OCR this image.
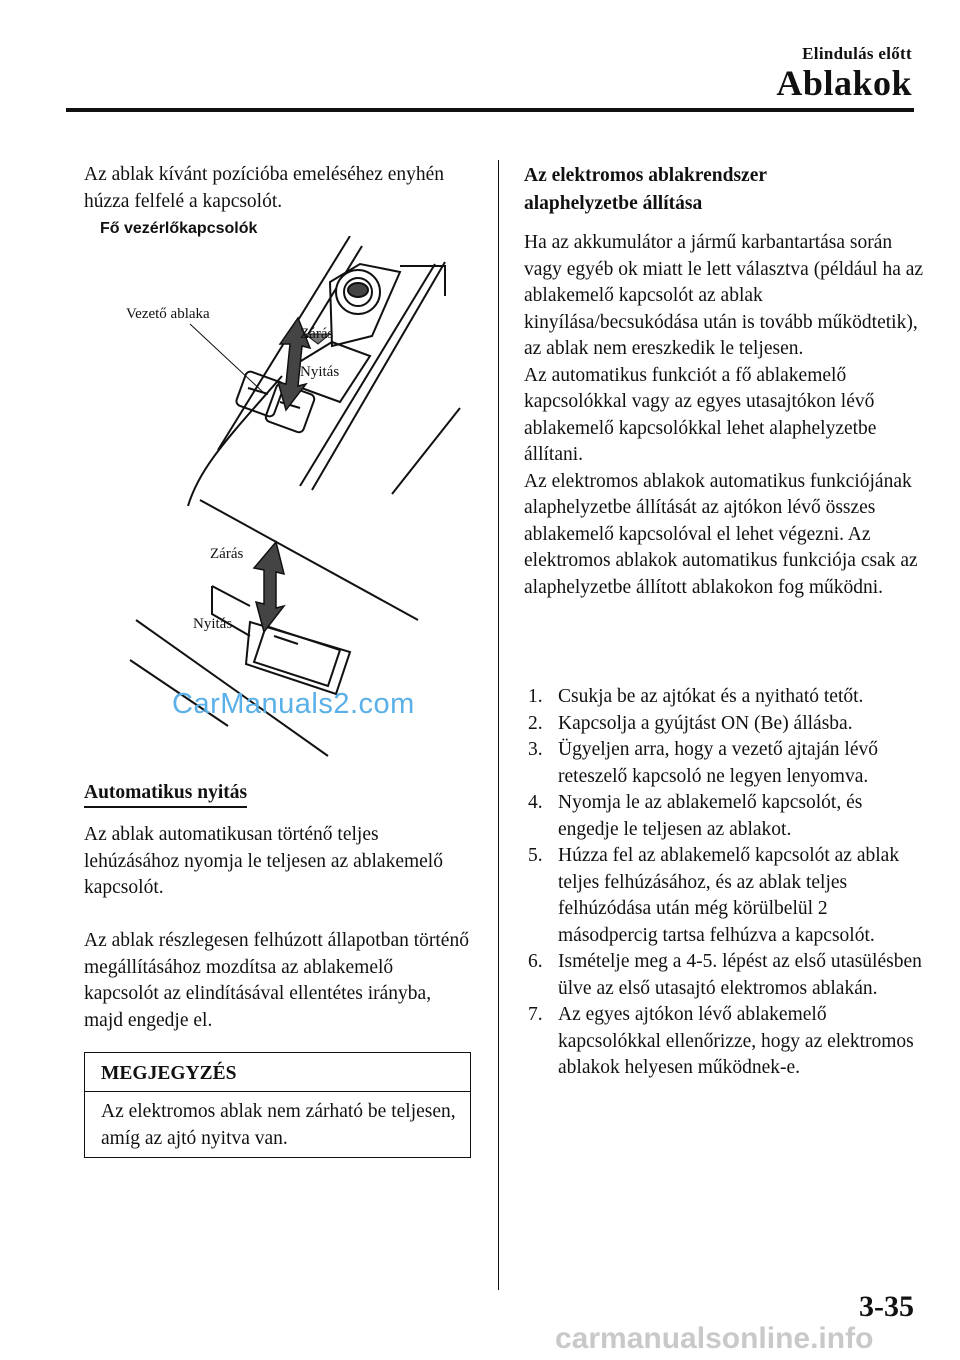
Elindulás előtt
Ablakok

Az ablak kívánt pozícióba emeléséhez enyhén húzza felfelé a kapcsolót.

Fő vezérlőkapcsolók
Vezető ablaka
Zárás
Nyitás
Zárás
Nyitás
CarManuals2.com
Automatikus nyitás

Az ablak automatikusan történő teljes lehúzásához nyomja le teljesen az ablakemelő kapcsolót.

Az ablak részlegesen felhúzott állapotban történő megállításához mozdítsa az ablakemelő kapcsolót az elindításával ellentétes irányba, majd engedje el.

MEGJEGYZÉS
Az elektromos ablak nem zárható be teljesen, amíg az ajtó nyitva van.

Az elektromos ablakrendszer alaphelyzetbe állítása

Ha az akkumulátor a jármű karbantartása során vagy egyéb ok miatt le lett választva (például ha az ablakemelő kapcsolót az ablak kinyílása/becsukódása után is tovább működtetik), az ablak nem ereszkedik le teljesen.
Az automatikus funkciót a fő ablakemelő kapcsolókkal vagy az egyes utasajtókon lévő ablakemelő kapcsolókkal lehet alaphelyzetbe állítani.
Az elektromos ablakok automatikus funkciójának alaphelyzetbe állítását az ajtókon lévő összes ablakemelő kapcsolóval el lehet végezni. Az elektromos ablakok automatikus funkciója csak az alaphelyzetbe állított ablakokon fog működni.

1. Csukja be az ajtókat és a nyitható tetőt.
2. Kapcsolja a gyújtást ON (Be) állásba.
3. Ügyeljen arra, hogy a vezető ajtaján lévő reteszelő kapcsoló ne legyen lenyomva.
4. Nyomja le az ablakemelő kapcsolót, és engedje le teljesen az ablakot.
5. Húzza fel az ablakemelő kapcsolót az ablak teljes felhúzásához, és az ablak teljes felhúzódása után még körülbelül 2 másodpercig tartsa felhúzva a kapcsolót.
6. Ismételje meg a 4-5. lépést az első utasülésben ülve az első utasajtó elektromos ablakán.
7. Az egyes ajtókon lévő ablakemelő kapcsolókkal ellenőrizze, hogy az elektromos ablakok helyesen működnek-e.
3-35
carmanualsonline.info
